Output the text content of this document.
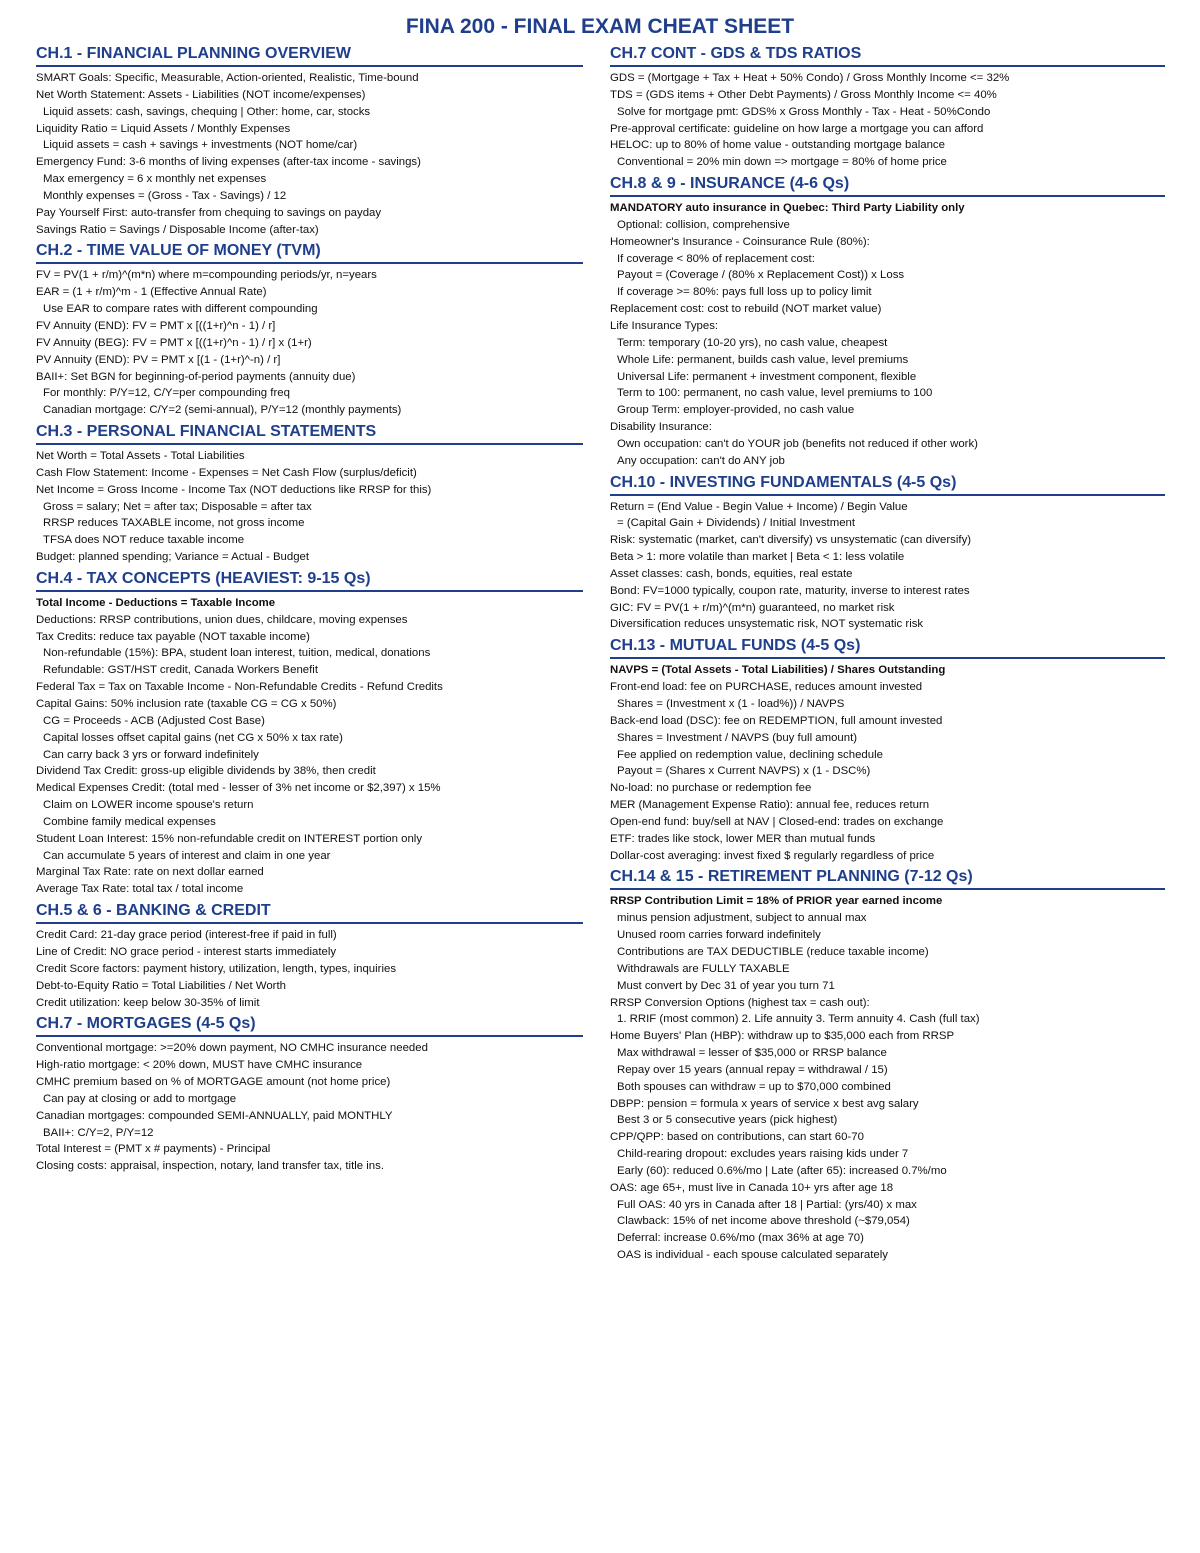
FINA 200 - FINAL EXAM CHEAT SHEET
CH.1 - FINANCIAL PLANNING OVERVIEW
SMART Goals: Specific, Measurable, Action-oriented, Realistic, Time-bound
Net Worth Statement: Assets - Liabilities (NOT income/expenses)
Liquid assets: cash, savings, chequing | Other: home, car, stocks
Liquidity Ratio = Liquid Assets / Monthly Expenses
Liquid assets = cash + savings + investments (NOT home/car)
Emergency Fund: 3-6 months of living expenses (after-tax income - savings)
Max emergency = 6 x monthly net expenses
Monthly expenses = (Gross - Tax - Savings) / 12
Pay Yourself First: auto-transfer from chequing to savings on payday
Savings Ratio = Savings / Disposable Income (after-tax)
CH.2 - TIME VALUE OF MONEY (TVM)
FV = PV(1 + r/m)^(m*n) where m=compounding periods/yr, n=years
EAR = (1 + r/m)^m - 1 (Effective Annual Rate)
Use EAR to compare rates with different compounding
FV Annuity (END): FV = PMT x [((1+r)^n - 1) / r]
FV Annuity (BEG): FV = PMT x [((1+r)^n - 1) / r] x (1+r)
PV Annuity (END): PV = PMT x [(1 - (1+r)^-n) / r]
BAII+: Set BGN for beginning-of-period payments (annuity due)
For monthly: P/Y=12, C/Y=per compounding freq
Canadian mortgage: C/Y=2 (semi-annual), P/Y=12 (monthly payments)
CH.3 - PERSONAL FINANCIAL STATEMENTS
Net Worth = Total Assets - Total Liabilities
Cash Flow Statement: Income - Expenses = Net Cash Flow (surplus/deficit)
Net Income = Gross Income - Income Tax (NOT deductions like RRSP for this)
Gross = salary; Net = after tax; Disposable = after tax
RRSP reduces TAXABLE income, not gross income
TFSA does NOT reduce taxable income
Budget: planned spending; Variance = Actual - Budget
CH.4 - TAX CONCEPTS (HEAVIEST: 9-15 Qs)
Total Income - Deductions = Taxable Income
Deductions: RRSP contributions, union dues, childcare, moving expenses
Tax Credits: reduce tax payable (NOT taxable income)
Non-refundable (15%): BPA, student loan interest, tuition, medical, donations
Refundable: GST/HST credit, Canada Workers Benefit
Federal Tax = Tax on Taxable Income - Non-Refundable Credits - Refund Credits
Capital Gains: 50% inclusion rate (taxable CG = CG x 50%)
CG = Proceeds - ACB (Adjusted Cost Base)
Capital losses offset capital gains (net CG x 50% x tax rate)
Can carry back 3 yrs or forward indefinitely
Dividend Tax Credit: gross-up eligible dividends by 38%, then credit
Medical Expenses Credit: (total med - lesser of 3% net income or $2,397) x 15%
Claim on LOWER income spouse's return
Combine family medical expenses
Student Loan Interest: 15% non-refundable credit on INTEREST portion only
Can accumulate 5 years of interest and claim in one year
Marginal Tax Rate: rate on next dollar earned
Average Tax Rate: total tax / total income
CH.5 & 6 - BANKING & CREDIT
Credit Card: 21-day grace period (interest-free if paid in full)
Line of Credit: NO grace period - interest starts immediately
Credit Score factors: payment history, utilization, length, types, inquiries
Debt-to-Equity Ratio = Total Liabilities / Net Worth
Credit utilization: keep below 30-35% of limit
CH.7 - MORTGAGES (4-5 Qs)
Conventional mortgage: >=20% down payment, NO CMHC insurance needed
High-ratio mortgage: < 20% down, MUST have CMHC insurance
CMHC premium based on % of MORTGAGE amount (not home price)
Can pay at closing or add to mortgage
Canadian mortgages: compounded SEMI-ANNUALLY, paid MONTHLY
BAII+: C/Y=2, P/Y=12
Total Interest = (PMT x # payments) - Principal
Closing costs: appraisal, inspection, notary, land transfer tax, title ins.
CH.7 CONT - GDS & TDS RATIOS
GDS = (Mortgage + Tax + Heat + 50% Condo) / Gross Monthly Income <= 32%
TDS = (GDS items + Other Debt Payments) / Gross Monthly Income <= 40%
Solve for mortgage pmt: GDS% x Gross Monthly - Tax - Heat - 50%Condo
Pre-approval certificate: guideline on how large a mortgage you can afford
HELOC: up to 80% of home value - outstanding mortgage balance
Conventional = 20% min down => mortgage = 80% of home price
CH.8 & 9 - INSURANCE (4-6 Qs)
MANDATORY auto insurance in Quebec: Third Party Liability only
Optional: collision, comprehensive
Homeowner's Insurance - Coinsurance Rule (80%):
If coverage < 80% of replacement cost:
Payout = (Coverage / (80% x Replacement Cost)) x Loss
If coverage >= 80%: pays full loss up to policy limit
Replacement cost: cost to rebuild (NOT market value)
Life Insurance Types:
Term: temporary (10-20 yrs), no cash value, cheapest
Whole Life: permanent, builds cash value, level premiums
Universal Life: permanent + investment component, flexible
Term to 100: permanent, no cash value, level premiums to 100
Group Term: employer-provided, no cash value
Disability Insurance:
Own occupation: can't do YOUR job (benefits not reduced if other work)
Any occupation: can't do ANY job
CH.10 - INVESTING FUNDAMENTALS (4-5 Qs)
Return = (End Value - Begin Value + Income) / Begin Value
= (Capital Gain + Dividends) / Initial Investment
Risk: systematic (market, can't diversify) vs unsystematic (can diversify)
Beta > 1: more volatile than market | Beta < 1: less volatile
Asset classes: cash, bonds, equities, real estate
Bond: FV=1000 typically, coupon rate, maturity, inverse to interest rates
GIC: FV = PV(1 + r/m)^(m*n) guaranteed, no market risk
Diversification reduces unsystematic risk, NOT systematic risk
CH.13 - MUTUAL FUNDS (4-5 Qs)
NAVPS = (Total Assets - Total Liabilities) / Shares Outstanding
Front-end load: fee on PURCHASE, reduces amount invested
Shares = (Investment x (1 - load%)) / NAVPS
Back-end load (DSC): fee on REDEMPTION, full amount invested
Shares = Investment / NAVPS (buy full amount)
Fee applied on redemption value, declining schedule
Payout = (Shares x Current NAVPS) x (1 - DSC%)
No-load: no purchase or redemption fee
MER (Management Expense Ratio): annual fee, reduces return
Open-end fund: buy/sell at NAV | Closed-end: trades on exchange
ETF: trades like stock, lower MER than mutual funds
Dollar-cost averaging: invest fixed $ regularly regardless of price
CH.14 & 15 - RETIREMENT PLANNING (7-12 Qs)
RRSP Contribution Limit = 18% of PRIOR year earned income
minus pension adjustment, subject to annual max
Unused room carries forward indefinitely
Contributions are TAX DEDUCTIBLE (reduce taxable income)
Withdrawals are FULLY TAXABLE
Must convert by Dec 31 of year you turn 71
RRSP Conversion Options (highest tax = cash out):
1. RRIF (most common) 2. Life annuity 3. Term annuity 4. Cash (full tax)
Home Buyers' Plan (HBP): withdraw up to $35,000 each from RRSP
Max withdrawal = lesser of $35,000 or RRSP balance
Repay over 15 years (annual repay = withdrawal / 15)
Both spouses can withdraw = up to $70,000 combined
DBPP: pension = formula x years of service x best avg salary
Best 3 or 5 consecutive years (pick highest)
CPP/QPP: based on contributions, can start 60-70
Child-rearing dropout: excludes years raising kids under 7
Early (60): reduced 0.6%/mo | Late (after 65): increased 0.7%/mo
OAS: age 65+, must live in Canada 10+ yrs after age 18
Full OAS: 40 yrs in Canada after 18 | Partial: (yrs/40) x max
Clawback: 15% of net income above threshold (~$79,054)
Deferral: increase 0.6%/mo (max 36% at age 70)
OAS is individual - each spouse calculated separately
